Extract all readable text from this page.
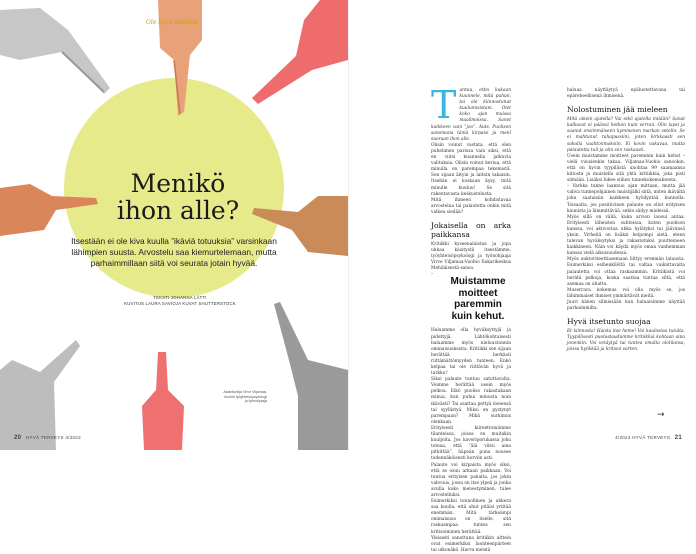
Ole hyvä itsellesi
Menikö
ihon alle?
Itsestään ei ole kiva kuulla ”ikäviä totuuksia” varsinkaan lähimpien suusta. Arvostelu saa kiemurtelemaan, mutta parhaimmillaan siitä voi seurata jotain hyvää.
TEKSTI JOHANNA LÄTTI
KUVITUS LAURA SAVIOJA KUVAT SHUTTERSTOCK
Asiantuntija Virve Viljamaa-Vuohio työyhteisöpsykologi ja työnohjaaja
20 HYVÄ TERVEYS 4/2022
T untuu, etteı kukaan kuunnele, mitä puhun, tai ole kiinnostunut kuulumisistani. Olet koko ajan muissa maailmoissa. Sanot kaikkeen vain ”joo”. Auts. Puolison sanomana tämä kirpaisi ja menī suoraan ihon alle.

Olisin voinut vastata, että olen puhelimen parissa vain siksi, että en viitsi kuunnella jatkuvia valituksia. Olisin voinut keriua, että minulla on parempaa tekemistä. Sen sijaan äityin ja laitoin takaisin. Itsehän ei koskaan kysy, mitä minulle kuuluu! Se sitä rakentavasta keskustelusta.

Mitä ihmeen kohdistavaa arvostelua tai palautetta onkin mitä valkea siedää?

Jokaisella on arka paikkansa

Kritiikki kyseenalaistaa ja jopa uhkaa käsitystä itsestämme, työyhteisöpsykologi ja työnohjaaja Virve Viljamaa-Vuohio Ilakarikeskus Mehiläisestä sanoo.

Muistamme moitteet paremmin kuin kehut.

– Haluamme olla hyväksyttyjä ja pidettyjä. Lähtökohtaisesti haluamme myös nieluustunnin ominaisuuksista. Kritiikki sen sijaan herättää herkästi riittämättömyyden tunteen. Enkö kelpaa tai ole riittävän hyvä ja tarkka?

Siksi palaute tuntuu satuttavalta. Voimme herättää usein myös pelkoa. Eikö puoliso rakastakaan minua, kun puhui minusta noin ikävästi? Tai saattaa pettyä itseensä tai syyllistyä. Miksi en pystynyt parempaan? Mikä surkimus olenkaan.

Erityisesti kiireettomiimme tilanteissa, joissa on muitakin kuuljoita. Jos kaveriporukassa joku toteaa, että ”älä viitsi aina pitkittää”, häpeän puna nousee todennäköisesti korviin asti.

Palaute voi kirpaista myös siksi, että se osuu arkaan paikkaan. Voi tuntua erityisen pahalta, jos jokin vahvuus, jossa on itse ylpeä ja jonka avulla koko menestyminen, tulee arvostelluksi.

Esimerkiksi tunnollinen ja ahkera saa kuulla, että ohut pitäisi yrittää enemmän. Mitä tärkeämpi ominaisuus on itselle, sitä raskaampaa tuntea sen kritisoiminen herättää.

Yleisesti sanottuna kritiikin alttein ovat esimerkiksi luonteenpiirteet tai ulkonäkö. Harva meistä

haluaa näyttäytyä epäluotettavana tai epäreheellisenä ihmisenä.

Nolostuminen jää mieleen

Mitä oikein ajatella? Vai eikö ajatella mitään? Sanat kalkuvat ei päässä hetken kuin verran. Olin lapsi ja saanut ensimmäiseen kymmenen markan setelin. Se ei mahtunut rahapussiini, joten kirkkaasti sen sakolla vaahtonmaksiin. Ei kovin vakavaa, mutta palautetta tuli ja olin sen raskaasti.

Usein muistamme moitteet paremmin kuin kehut – vielä vuosienkin takaa. Viljamaa-Vuohio sanookin, että on hyvin tyypillistä unohtaa 99 saamaansa kiitosta ja muistella sitä yhtä kritiikkia, joka pisti silmään. Lisäksi lukee siihen tunnekokemuksesta.

– Varkka tunne laannuu ajan mittaan, mutta jää vahva tunnepohjainen muistijälki siitä, miten ikävältä joku saataisiin kaikkeen hyödyntää kunnolla. Toisaalta, jos positiivinen palaute on ollut erityisen kaunista ja lämmittävää, sekin säilyy mielessä.

Myös sillä on väliä, kuka arvion lausui antaa. Erityisesti läheisten suhteissa, kuten puolison kanssa, voi aktivoitua uhka hylätyksi tai jäävänsä yksin. Virheitä on lisäksi helpompi sietä, eteen tulevan hyväksytyksi ja rakastetuksi puutteineen kaikkineen. Näin voi käydä myös oman vanhemman kanssa vielä aikuisuudessa.

Myös auktoriteettiasemaan liittyy erenmän latausta. Esimerkiksi esihenkilöltä tai valtaa vaikuttavalta palautetta voi ottaa raskaammin. Kritiikistä voi herätä pelkoja, koska saattaa tuntua siltä, että asemaa on uhattu.

Muserrava kokemus voi olla myös se, jos lähimmaiset ihmiset ymmärtävät meitä.

Juuri hänen silmissään kun haluaisimme näyttää parhaimmilta.

Hyvä itsetunto suojaa

Et kiinnosta! Haista itse heme! Voi kuulostaa tutulta. Tyypillisesti puolustaudumme kritiikkiä kohtaan aina jonenkin. Voi vetäytyä tai tuntea omalta olotilansa, joissa hyökkää ja kritisoi varten.

→
4/2022 HYVÄ TERVEYS 21
